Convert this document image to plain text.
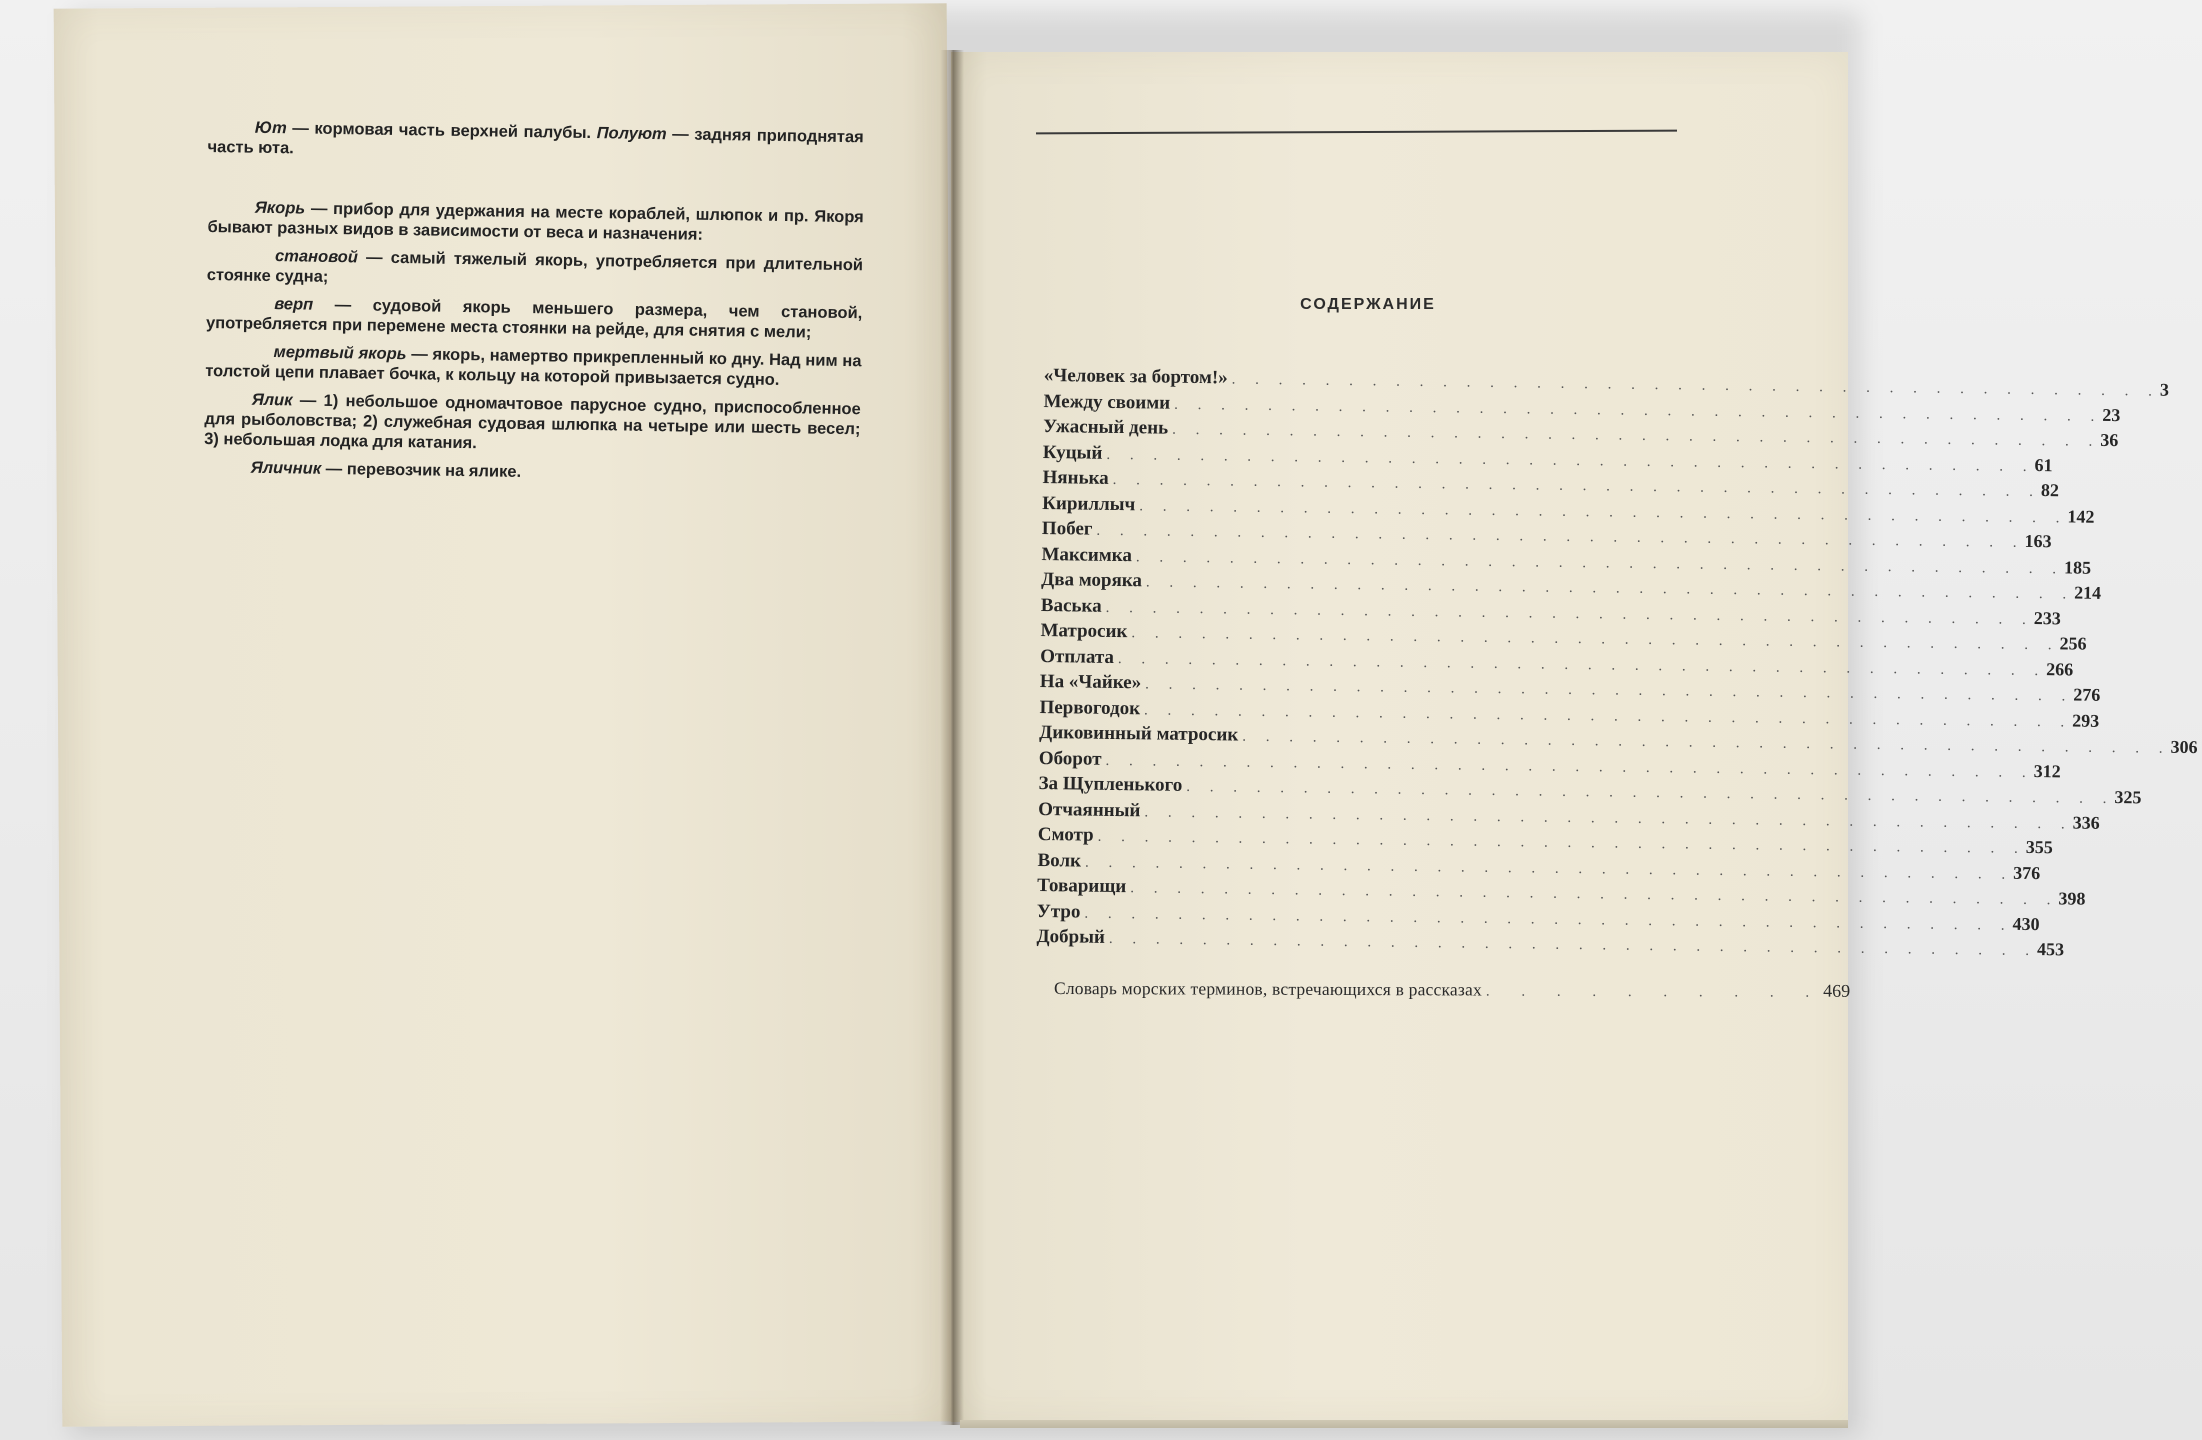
Ют — кормовая часть верхней палубы. Полуют — задняя приподнятая часть юта.

Якорь — прибор для удержания на месте кораблей, шлюпок и пр. Якоря бывают разных видов в зависимости от веса и назначения:

становой — самый тяжелый якорь, употребляется при длительной стоянке судна;

верп — судовой якорь меньшего размера, чем становой, употребляется при перемене места стоянки на рейде, для снятия с мели;

мертвый якорь — якорь, намертво прикрепленный ко дну. Над ним на толстой цепи плавает бочка, к кольцу на которой привызается судно.

Ялик — 1) небольшое одномачтовое парусное судно, приспособленное для рыболовства; 2) служебная судовая шлюпка на четыре или шесть весел; 3) небольшая лодка для катания.

Яличник — перевозчик на ялике.

СОДЕРЖАНИЕ
«Человек за бортом!» . . . . . . . . . . . . . . . . . . . . . . . . . . . . . . . . . . . . . . . . 3
Между своими . . . . . . . . . . . . . . . . . . . . . . . . . . . . . . . . . . . . . . . . 23
Ужасный день . . . . . . . . . . . . . . . . . . . . . . . . . . . . . . . . . . . . . . . . 36
Куцый . . . . . . . . . . . . . . . . . . . . . . . . . . . . . . . . . . . . . . . . 61
Нянька . . . . . . . . . . . . . . . . . . . . . . . . . . . . . . . . . . . . . . . . 82
Кириллыч . . . . . . . . . . . . . . . . . . . . . . . . . . . . . . . . . . . . . . . . 142
Побег . . . . . . . . . . . . . . . . . . . . . . . . . . . . . . . . . . . . . . . . 163
Максимка . . . . . . . . . . . . . . . . . . . . . . . . . . . . . . . . . . . . . . . . 185
Два моряка . . . . . . . . . . . . . . . . . . . . . . . . . . . . . . . . . . . . . . . . 214
Васька . . . . . . . . . . . . . . . . . . . . . . . . . . . . . . . . . . . . . . . . 233
Матросик . . . . . . . . . . . . . . . . . . . . . . . . . . . . . . . . . . . . . . . . 256
Отплата . . . . . . . . . . . . . . . . . . . . . . . . . . . . . . . . . . . . . . . . 266
На «Чайке» . . . . . . . . . . . . . . . . . . . . . . . . . . . . . . . . . . . . . . . . 276
Первогодок . . . . . . . . . . . . . . . . . . . . . . . . . . . . . . . . . . . . . . . . 293
Диковинный матросик . . . . . . . . . . . . . . . . . . . . . . . . . . . . . . . . . . . . . . . . 306
Оборот . . . . . . . . . . . . . . . . . . . . . . . . . . . . . . . . . . . . . . . . 312
За Щупленького . . . . . . . . . . . . . . . . . . . . . . . . . . . . . . . . . . . . . . . . 325
Отчаянный . . . . . . . . . . . . . . . . . . . . . . . . . . . . . . . . . . . . . . . . 336
Смотр . . . . . . . . . . . . . . . . . . . . . . . . . . . . . . . . . . . . . . . . 355
Волк . . . . . . . . . . . . . . . . . . . . . . . . . . . . . . . . . . . . . . . . 376
Товарищи . . . . . . . . . . . . . . . . . . . . . . . . . . . . . . . . . . . . . . . . 398
Утро . . . . . . . . . . . . . . . . . . . . . . . . . . . . . . . . . . . . . . . . 430
Добрый . . . . . . . . . . . . . . . . . . . . . . . . . . . . . . . . . . . . . . . . 453
Словарь морских терминов, встречающихся в рассказах . . . . . . . . . . 469
